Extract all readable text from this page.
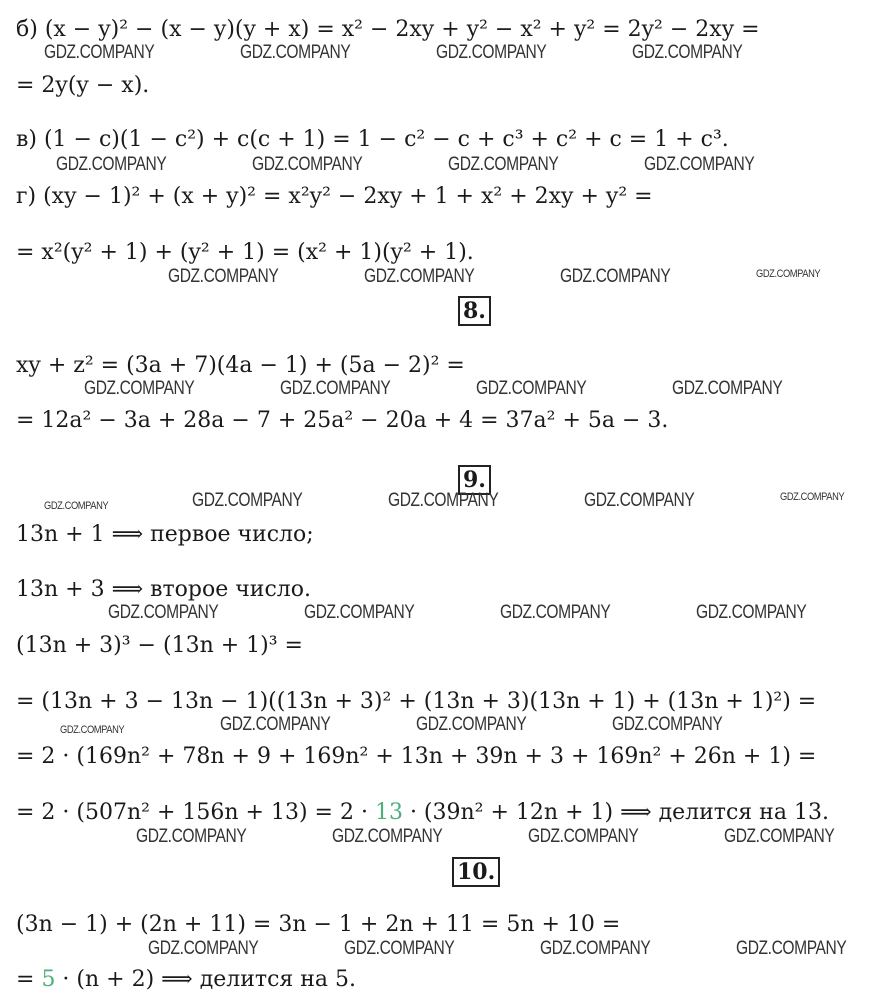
б) (x − y)² − (x − y)(y + x) = x² − 2xy + y² − x² + y² = 2y² − 2xy =
= 2y(y − x).
в) (1 − c)(1 − c²) + c(c + 1) = 1 − c² − c + c³ + c² + c = 1 + c³.
г) (xy − 1)² + (x + y)² = x²y² − 2xy + 1 + x² + 2xy + y² =
= x²(y² + 1) + (y² + 1) = (x² + 1)(y² + 1).
8.
xy + z² = (3a + 7)(4a − 1) + (5a − 2)² =
= 12a² − 3a + 28a − 7 + 25a² − 20a + 4 = 37a² + 5a − 3.
9.
13n + 1 ⟹ первое число;
13n + 3 ⟹ второе число.
(13n + 3)³ − (13n + 1)³ =
= (13n + 3 − 13n − 1)((13n + 3)² + (13n + 3)(13n + 1) + (13n + 1)²) =
= 2 · (169n² + 78n + 9 + 169n² + 13n + 39n + 3 + 169n² + 26n + 1) =
= 2 · (507n² + 156n + 13) = 2 · 13 · (39n² + 12n + 1) ⟹ делится на 13.
10.
(3n − 1) + (2n + 11) = 3n − 1 + 2n + 11 = 5n + 10 =
= 5 · (n + 2) ⟹ делится на 5.
GDZ.COMPANY	GDZ.COMPANY	GDZ.COMPANY	GDZ.COMPANY
GDZ.COMPANY	GDZ.COMPANY	GDZ.COMPANY	GDZ.COMPANY
GDZ.COMPANY	GDZ.COMPANY	GDZ.COMPANY	GDZ.COMPANY
GDZ.COMPANY	GDZ.COMPANY	GDZ.COMPANY	GDZ.COMPANY
GDZ.COMPANY	GDZ.COMPANY	GDZ.COMPANY	GDZ.COMPANY	GDZ.COMPANY
GDZ.COMPANY	GDZ.COMPANY	GDZ.COMPANY	GDZ.COMPANY
GDZ.COMPANY	GDZ.COMPANY	GDZ.COMPANY	GDZ.COMPANY
GDZ.COMPANY	GDZ.COMPANY	GDZ.COMPANY	GDZ.COMPANY
GDZ.COMPANY	GDZ.COMPANY	GDZ.COMPANY	GDZ.COMPANY
